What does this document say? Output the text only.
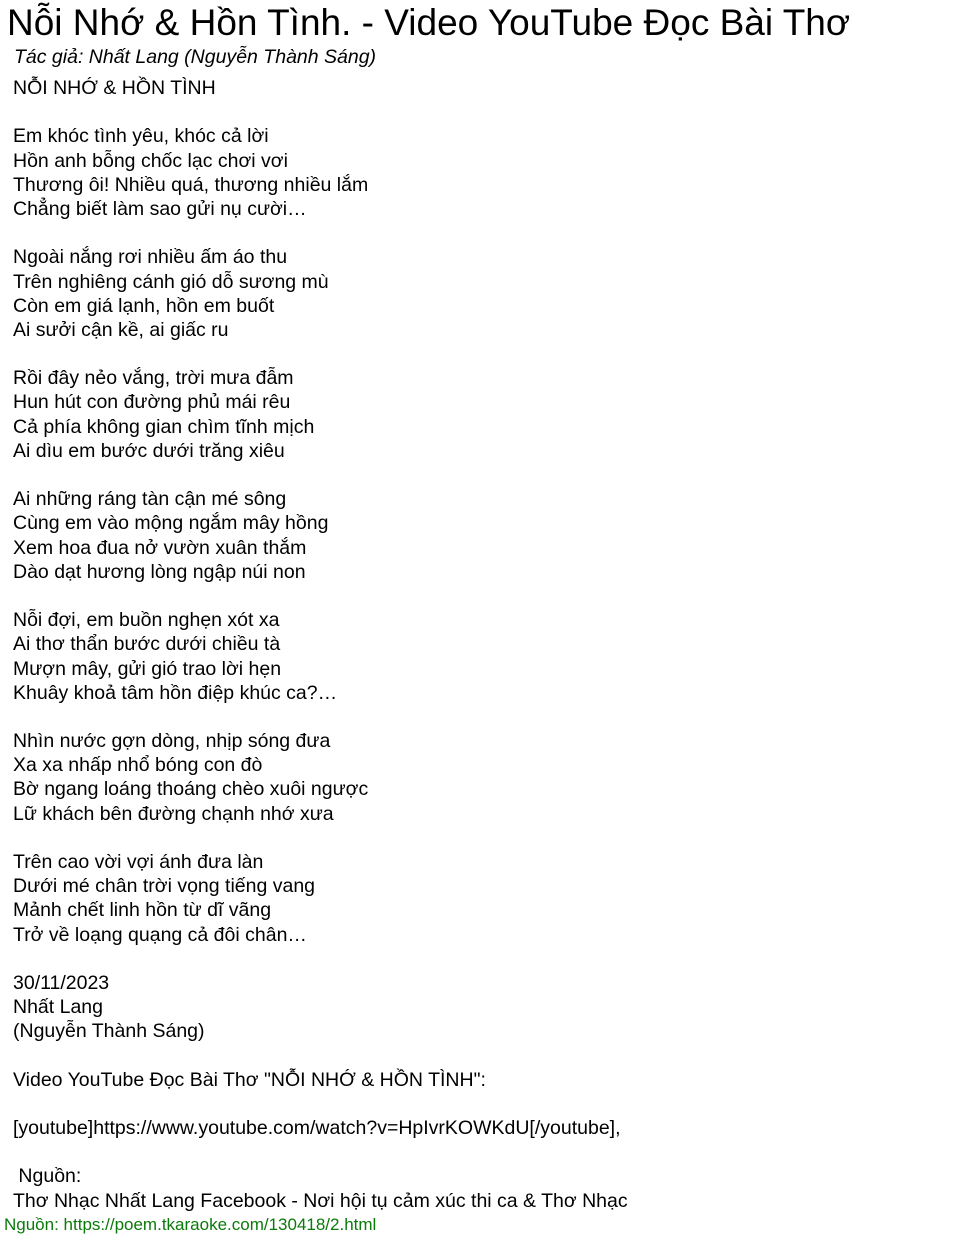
Nỗi Nhớ & Hồn Tình. - Video YouTube Đọc Bài Thơ
Tác giả: Nhất Lang (Nguyễn Thành Sáng)
NỖI NHỚ & HỒN TÌNH
Em khóc tình yêu, khóc cả lời
Hồn anh bỗng chốc lạc chơi vơi
Thương ôi! Nhiều quá, thương nhiều lắm
Chẳng biết làm sao gửi nụ cười…
Ngoài nắng rơi nhiều ấm áo thu
Trên nghiêng cánh gió dỗ sương mù
Còn em giá lạnh, hồn em buốt
Ai sưởi cận kề, ai giấc ru
Rồi đây nẻo vắng, trời mưa đẫm
Hun hút con đường phủ mái rêu
Cả phía không gian chìm tĩnh mịch
Ai dìu em bước dưới trăng xiêu
Ai những ráng tàn cận mé sông
Cùng em vào mộng ngắm mây hồng
Xem hoa đua nở vườn xuân thắm
Dào dạt hương lòng ngập núi non
Nỗi đợi, em buồn nghẹn xót xa
Ai thơ thẩn bước dưới chiều tà
Mượn mây, gửi gió trao lời hẹn
Khuây khoả tâm hồn điệp khúc ca?…
Nhìn nước gợn dòng, nhịp sóng đưa
Xa xa nhấp nhổ bóng con đò
Bờ ngang loáng thoáng chèo xuôi ngược
Lữ khách bên đường chạnh nhớ xưa
Trên cao vời vợi ánh đưa làn
Dưới mé chân trời vọng tiếng vang
Mảnh chết linh hồn từ dĩ vãng
Trở về loạng quạng cả đôi chân…
30/11/2023
Nhất Lang
(Nguyễn Thành Sáng)
Video YouTube Đọc Bài Thơ "NỖI NHỚ & HỒN TÌNH":
[youtube]https://www.youtube.com/watch?v=HpIvrKOWKdU[/youtube],
Nguồn:
Thơ Nhạc Nhất Lang Facebook - Nơi hội tụ cảm xúc thi ca & Thơ Nhạc
Nguồn: https://poem.tkaraoke.com/130418/2.html
